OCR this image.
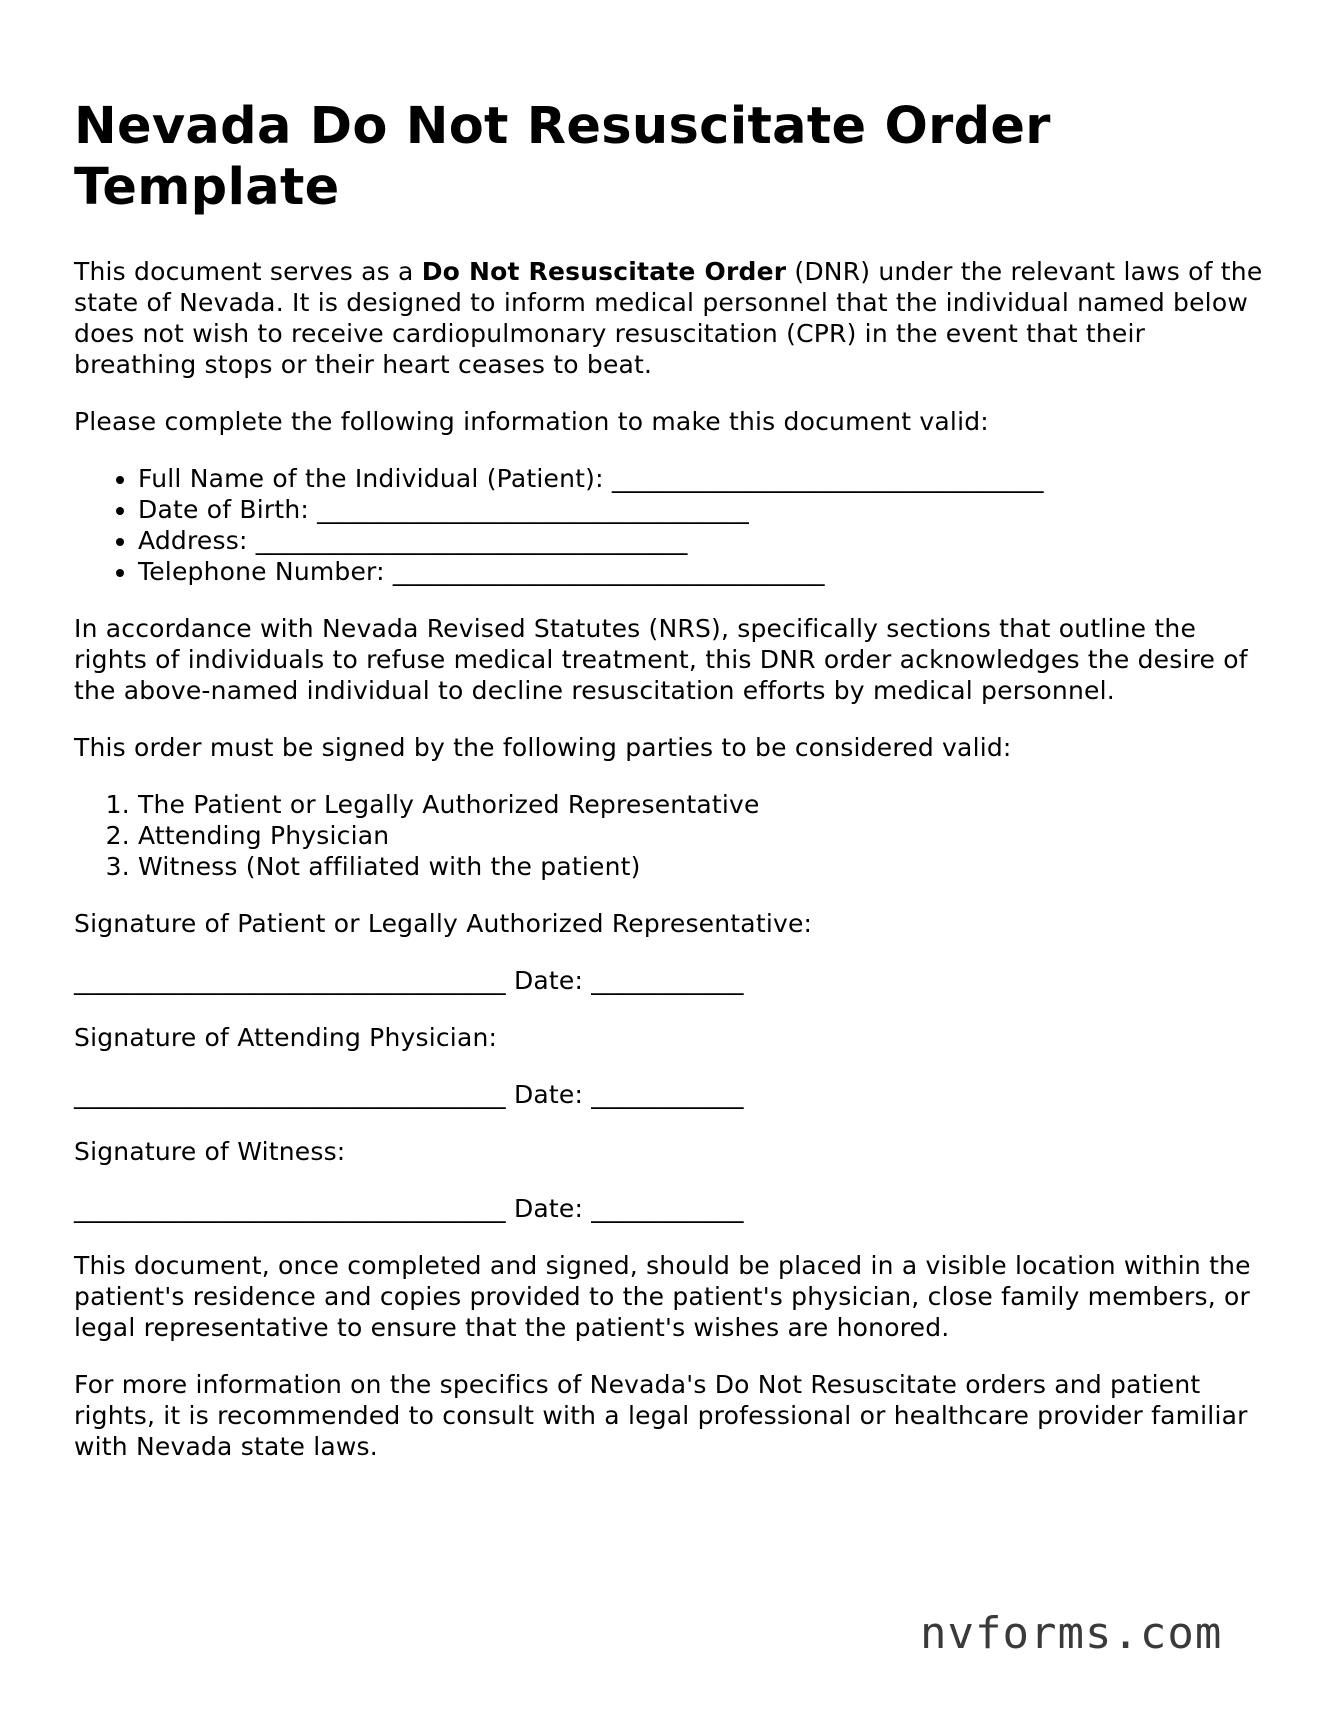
Nevada Do Not Resuscitate Order Template

This document serves as a Do Not Resuscitate Order (DNR) under the relevant laws of the state of Nevada. It is designed to inform medical personnel that the individual named below does not wish to receive cardiopulmonary resuscitation (CPR) in the event that their breathing stops or their heart ceases to beat.

Please complete the following information to make this document valid:

• Full Name of the Individual (Patient): __________________________________
• Date of Birth: __________________________________
• Address: __________________________________
• Telephone Number: __________________________________

In accordance with Nevada Revised Statutes (NRS), specifically sections that outline the rights of individuals to refuse medical treatment, this DNR order acknowledges the desire of the above-named individual to decline resuscitation efforts by medical personnel.

This order must be signed by the following parties to be considered valid:

1. The Patient or Legally Authorized Representative
2. Attending Physician
3. Witness (Not affiliated with the patient)

Signature of Patient or Legally Authorized Representative:

__________________________________ Date: ____________

Signature of Attending Physician:

__________________________________ Date: ____________

Signature of Witness:

__________________________________ Date: ____________

This document, once completed and signed, should be placed in a visible location within the patient's residence and copies provided to the patient's physician, close family members, or legal representative to ensure that the patient's wishes are honored.

For more information on the specifics of Nevada's Do Not Resuscitate orders and patient rights, it is recommended to consult with a legal professional or healthcare provider familiar with Nevada state laws.

nvforms.com
